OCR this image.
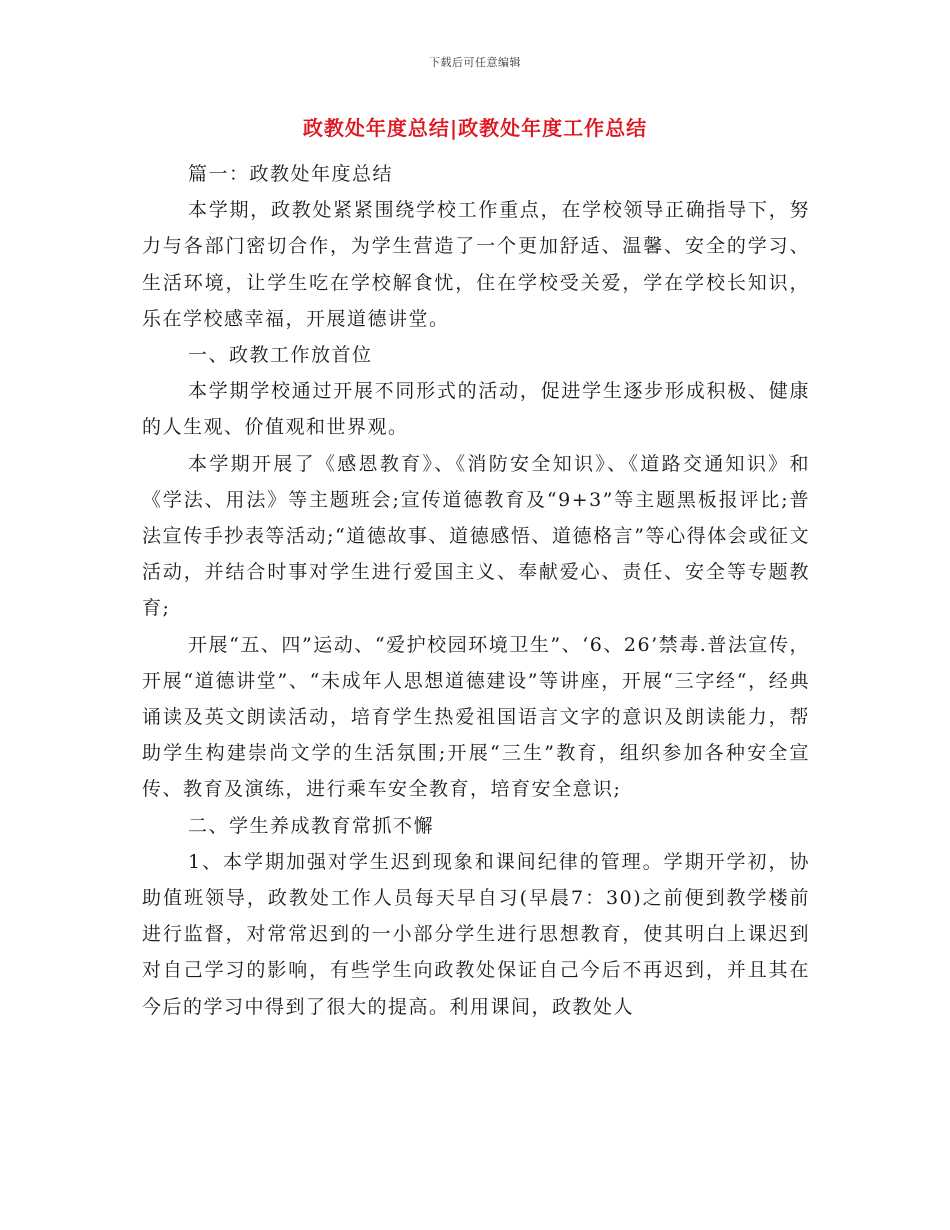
下载后可任意编辑
政教处年度总结|政教处年度工作总结

篇一：政教处年度总结

本学期，政教处紧紧围绕学校工作重点，在学校领导正确指导下，努力与各部门密切合作，为学生营造了一个更加舒适、温馨、安全的学习、生活环境，让学生吃在学校解食忧，住在学校受关爱，学在学校长知识，乐在学校感幸福，开展道德讲堂。

一、政教工作放首位

本学期学校通过开展不同形式的活动，促进学生逐步形成积极、健康的人生观、价值观和世界观。

本学期开展了《感恩教育》、《消防安全知识》、《道路交通知识》和《学法、用法》等主题班会;宣传道德教育及“9+3”等主题黑板报评比;普法宣传手抄表等活动;“道德故事、道德感悟、道德格言”等心得体会或征文活动，并结合时事对学生进行爱国主义、奉献爱心、责任、安全等专题教育;

开展“五、四”运动、“爱护校园环境卫生”、‘6、26’禁毒.普法宣传，开展“道德讲堂”、“未成年人思想道德建设”等讲座，开展“三字经“，经典诵读及英文朗读活动，培育学生热爱祖国语言文字的意识及朗读能力，帮助学生构建崇尚文学的生活氛围;开展“三生”教育，组织参加各种安全宣传、教育及演练，进行乘车安全教育，培育安全意识;

二、学生养成教育常抓不懈

1、本学期加强对学生迟到现象和课间纪律的管理。学期开学初，协助值班领导，政教处工作人员每天早自习(早晨7：30)之前便到教学楼前进行监督，对常常迟到的一小部分学生进行思想教育，使其明白上课迟到对自己学习的影响，有些学生向政教处保证自己今后不再迟到，并且其在今后的学习中得到了很大的提高。利用课间，政教处人
